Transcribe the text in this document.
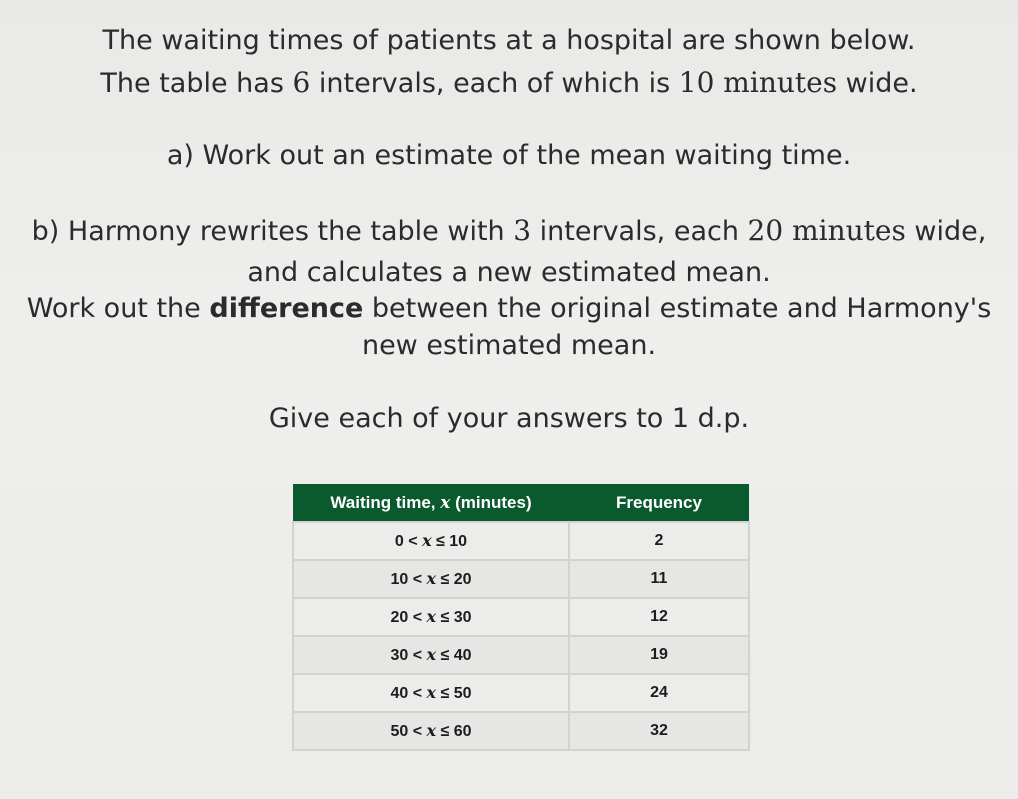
The waiting times of patients at a hospital are shown below.
The table has 6 intervals, each of which is 10 minutes wide.
a) Work out an estimate of the mean waiting time.
b) Harmony rewrites the table with 3 intervals, each 20 minutes wide,
and calculates a new estimated mean.
Work out the difference between the original estimate and Harmony's
new estimated mean.
Give each of your answers to 1 d.p.
Waiting time, x (minutes)	Frequency
0 < x ≤ 10	2
10 < x ≤ 20	11
20 < x ≤ 30	12
30 < x ≤ 40	19
40 < x ≤ 50	24
50 < x ≤ 60	32
